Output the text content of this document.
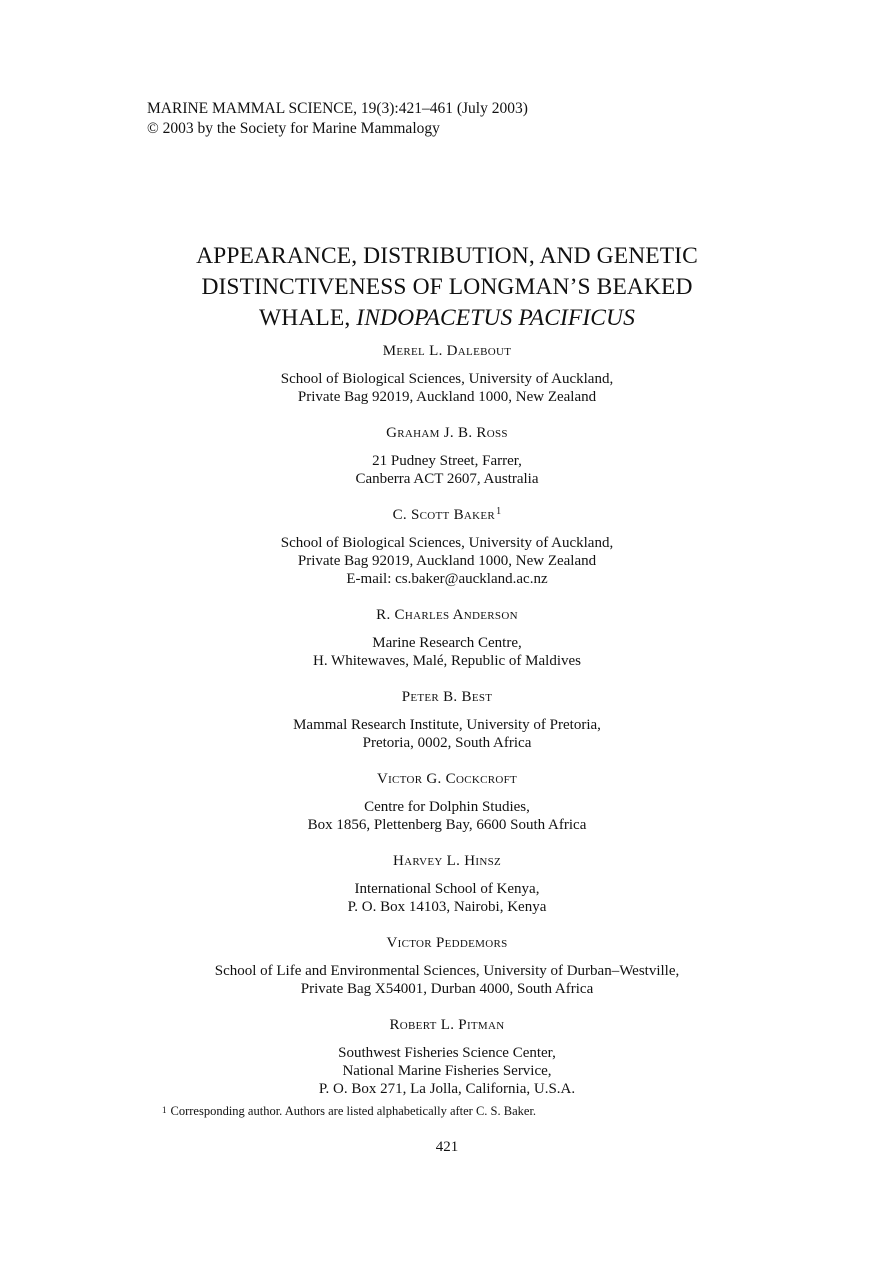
MARINE MAMMAL SCIENCE, 19(3):421–461 (July 2003)
© 2003 by the Society for Marine Mammalogy
APPEARANCE, DISTRIBUTION, AND GENETIC
DISTINCTIVENESS OF LONGMAN’S BEAKED
WHALE, INDOPACETUS PACIFICUS
Merel L. Dalebout
School of Biological Sciences, University of Auckland,
Private Bag 92019, Auckland 1000, New Zealand
Graham J. B. Ross
21 Pudney Street, Farrer,
Canberra ACT 2607, Australia
C. Scott Baker$^1$
School of Biological Sciences, University of Auckland,
Private Bag 92019, Auckland 1000, New Zealand
E-mail: cs.baker@auckland.ac.nz
R. Charles Anderson
Marine Research Centre,
H. Whitewaves, Malé, Republic of Maldives
Peter B. Best
Mammal Research Institute, University of Pretoria,
Pretoria, 0002, South Africa
Victor G. Cockcroft
Centre for Dolphin Studies,
Box 1856, Plettenberg Bay, 6600 South Africa
Harvey L. Hinsz
International School of Kenya,
P. O. Box 14103, Nairobi, Kenya
Victor Peddemors
School of Life and Environmental Sciences, University of Durban–Westville,
Private Bag X54001, Durban 4000, South Africa
Robert L. Pitman
Southwest Fisheries Science Center,
National Marine Fisheries Service,
P. O. Box 271, La Jolla, California, U.S.A.
$^1$ Corresponding author. Authors are listed alphabetically after C. S. Baker.
421
